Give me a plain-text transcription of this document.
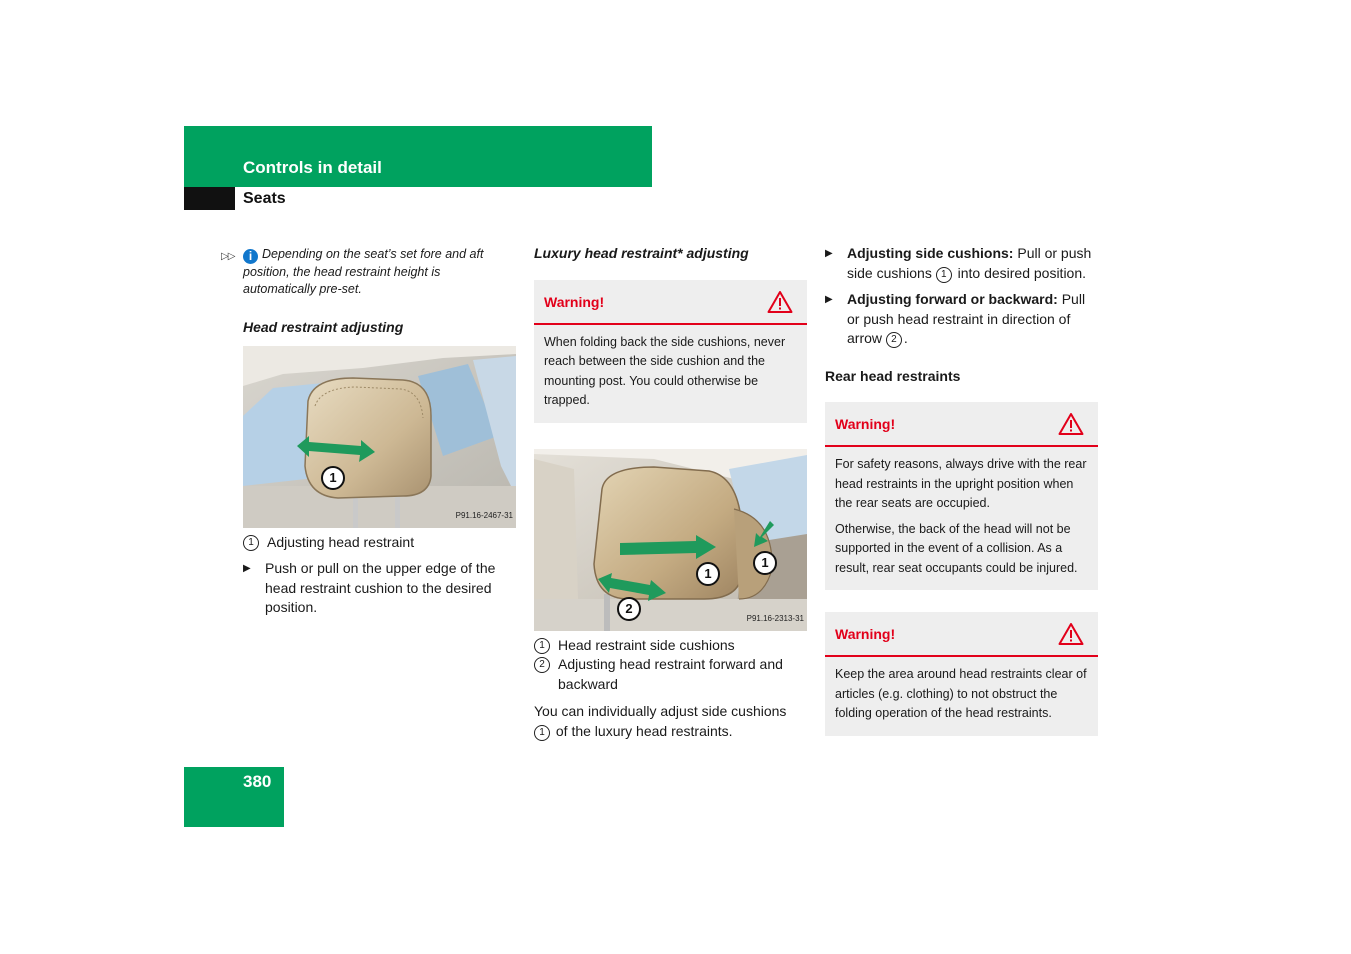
Controls in detail
Seats
▷▷ i Depending on the seat’s set fore and aft position, the head restraint height is automatically pre-set.
Head restraint adjusting
1
P91.16-2467-31
1 Adjusting head restraint
▶	Push or pull on the upper edge of the head restraint cushion to the desired position.
Luxury head restraint* adjusting
Warning!

When folding back the side cushions, never reach between the side cushion and the mounting post. You could otherwise be trapped.

1
1
2
P91.16-2313-31
1 Head restraint side cushions
2 Adjusting head restraint forward and backward
You can individually adjust side cushions 1 of the luxury head restraints.
▶	Adjusting side cushions: Pull or push side cushions 1 into desired position.
▶	Adjusting forward or backward: Pull or push head restraint in direction of arrow 2 .
Rear head restraints
Warning!

For safety reasons, always drive with the rear head restraints in the upright position when the rear seats are occupied.

Otherwise, the back of the head will not be supported in the event of a collision. As a result, rear seat occupants could be injured.

Warning!

Keep the area around head restraints clear of articles (e.g. clothing) to not obstruct the folding operation of the head restraints.

380
